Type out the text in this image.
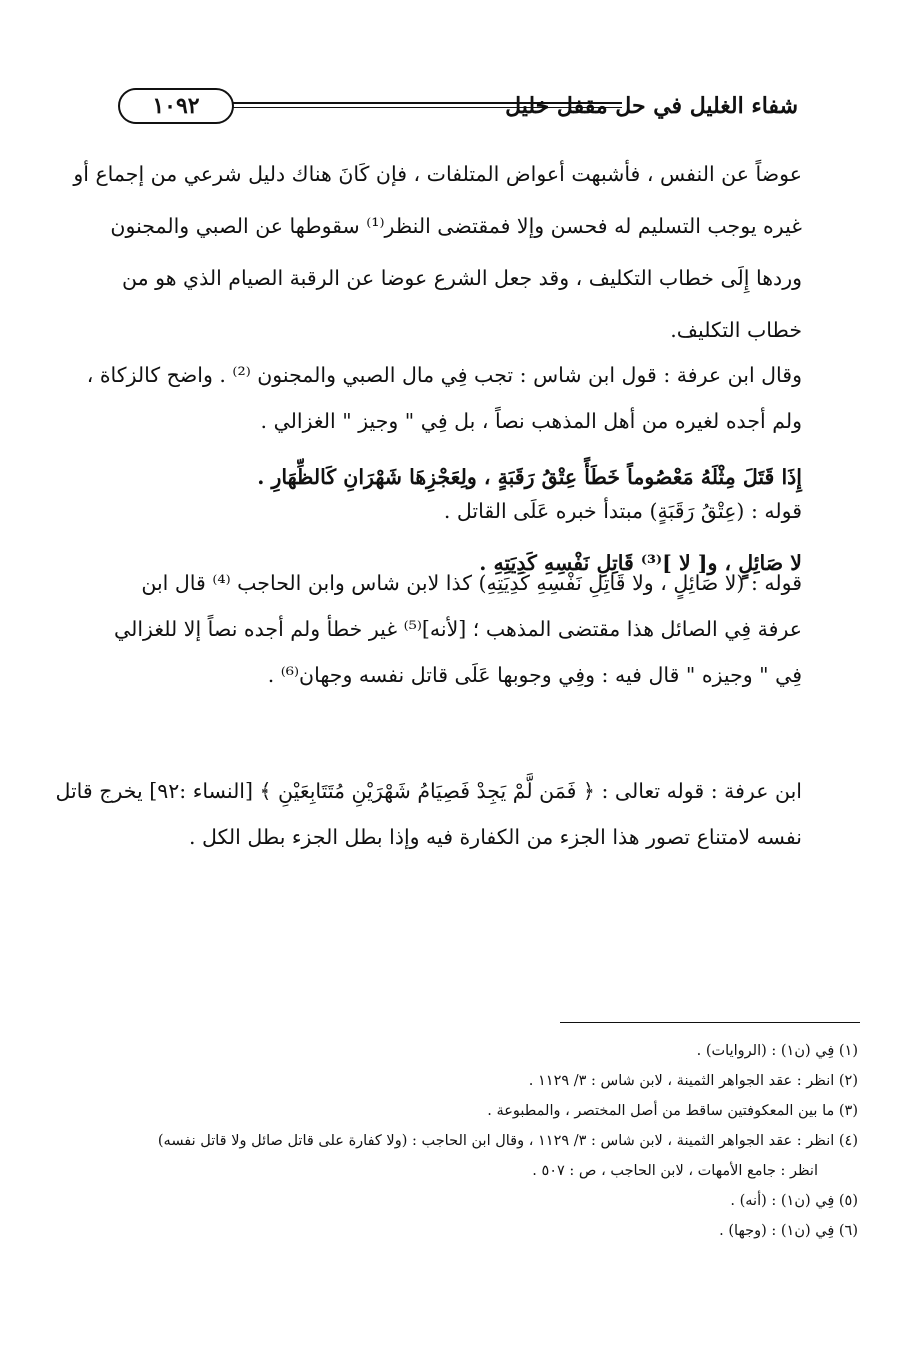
١٠٩٢	شفاء الغليل في حل مقفل خليل
عوضاً عن النفس ، فأشبهت أعواض المتلفات ، فإن كَانَ هناك دليل شرعي من إجماع أو
غيره يوجب التسليم له فحسن وإلا فمقتضى النظر⁽¹⁾ سقوطها عن الصبي والمجنون
وردها إِلَى خطاب التكليف ، وقد جعل الشرع عوضا عن الرقبة الصيام الذي هو من
خطاب التكليف.
وقال ابن عرفة : قول ابن شاس : تجب فِي مال الصبي والمجنون ⁽²⁾ . واضح كالزكاة ،
ولم أجده لغيره من أهل المذهب نصاً ، بل فِي " وجيز " الغزالي .
إِذَا قَتَلَ مِثْلَهُ مَعْصُوماً خَطَأً عِتْقُ رَقَبَةٍ ، ولِعَجْزِهَا شَهْرَانِ كَالظِّهَارِ .
قوله : (عِتْقُ رَقَبَةٍ) مبتدأ خبره عَلَى القاتل .
لا صَائِلٍ ، و[ لا ]⁽³⁾ قَاتِلِ نَفْسِهِ كَدِيَتِهِ .
قوله : (لا صَائِلٍ ، ولا قَاتِلِ نَفْسِهِ كَدِيَتِهِ) كذا لابن شاس وابن الحاجب ⁽⁴⁾ قال ابن
عرفة فِي الصائل هذا مقتضى المذهب ؛ [لأنه]⁽⁵⁾ غير خطأ ولم أجده نصاً إلا للغزالي
فِي " وجيزه " قال فيه : وفِي وجوبها عَلَى قاتل نفسه وجهان⁽⁶⁾ .
ابن عرفة : قوله تعالى : ﴿ فَمَن لَّمْ يَجِدْ فَصِيَامُ شَهْرَيْنِ مُتَتَابِعَيْنِ ﴾ [النساء :٩٢] يخرج قاتل
نفسه لامتناع تصور هذا الجزء من الكفارة فيه وإذا بطل الجزء بطل الكل .
(١) فِي (ن١) : (الروايات) .
(٢) انظر : عقد الجواهر الثمينة ، لابن شاس : ٣/ ١١٢٩ .
(٣) ما بين المعكوفتين ساقط من أصل المختصر ، والمطبوعة .
(٤) انظر : عقد الجواهر الثمينة ، لابن شاس : ٣/ ١١٢٩ ، وقال ابن الحاجب : (ولا كفارة على قاتل صائل ولا قاتل نفسه)
انظر : جامع الأمهات ، لابن الحاجب ، ص : ٥٠٧ .
(٥) فِي (ن١) : (أنه) .
(٦) فِي (ن١) : (وجها) .
